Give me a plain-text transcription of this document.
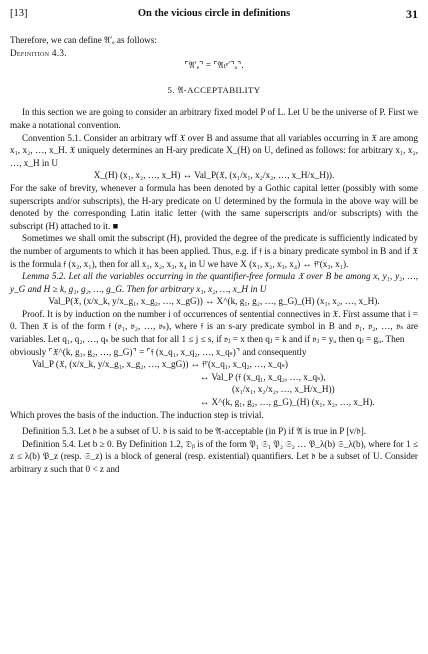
[13]	On the vicious circle in definitions	31

Therefore, we can define 𝔄′ₑ as follows:

Definition 4.3.

⌜𝔄′ₑ⌝ = ⌜𝔄ₜᵉ′⌝ₐ⌝.

5. 𝔄-ACCEPTABILITY

In this section we are going to consider an arbitrary fixed model P of L. Let U be the universe of P. First we make a notational convention.

Convention 5.1. Consider an arbitrary wff 𝔛 over B and assume that all variables occurring in 𝔛 are among x₁, x₂, …, x_H. 𝔛 uniquely determines an H-ary predicate X_(H) on U, defined as follows: for arbitrary x₁, x₂, …, x_H in U

X_(H) (x₁, x₂, …, x_H) ↔ Val_P(𝔛, (x₁/x₁, x₂/x₂, …, x_H/x_H)).

For the sake of brevity, whenever a formula has been denoted by a Gothic capital letter (possibly with some superscripts and/or subscripts), the H-ary predicate on U determined by the formula in the above way will be denoted by the corresponding Latin italic letter (with the same superscripts and/or subscripts) with the subscript (H) attached to it. ■

Sometimes we shall omit the subscript (H), provided the degree of the predicate is sufficiently indicated by the number of arguments to which it has been applied. Thus, e.g. if 𝔣 is a binary predicate symbol in B and if 𝔛 is the formula 𝔣 (x₃, x₁), then for all x₁, x₂, x₃, x₄ in U we have X (x₁, x₂, x₃, x₄) ↔ 𝔣ᴾ(x₃, x₁).

Lemma 5.2. Let all the variables occurring in the quantifier-free formula 𝔛 over B be among x, y₁, y₂, …, y_G and H ≥ k, g₁, g₂, …, g_G. Then for arbitrary x₁, x₂, …, x_H in U

Val_P(𝔛, (x/x_k, y/x_g₁, x_g₂, …, x_gG)) ↔ X^(k, g₁, g₂, …, g_G)_(H) (x₁, x₂, …, x_H).

Proof. It is by induction on the number i of occurrences of sentential connectives in 𝔛. First assume that i = 0. Then 𝔛 is of the form 𝔣 (𝔳₁, 𝔳₂, …, 𝔳ₛ), where 𝔣 is an s-ary predicate symbol in B and 𝔳₁, 𝔳₂, …, 𝔳ₛ are variables. Let q₁, q₂, …, qₛ be such that for all 1 ≤ j ≤ s, if 𝔳ⱼ = x then qⱼ = k and if 𝔳ⱼ = yᵤ then qⱼ = gᵤ. Then

obviously ⌜𝔛^(k, g₁, g₂, …, g_G)⌝ = ⌜𝔣 (x_q₁, x_q₂, …, x_qₛ)⌝ and consequently

Val_P (𝔛, (x/x_k, y/x_g₁, x_g₂, …, x_gG)) ↔ 𝔣ᴾ(x_q₁, x_q₂, …, x_qₛ)

↔ Val_P (𝔣 (x_q₁, x_q₂, …, x_qₛ),

(x₁/x₁, x₂/x₂, …, x_H/x_H))

↔ X^(k, g₁, g₂, …, g_G)_(H) (x₁, x₂, …, x_H).

Which proves the basis of the induction. The induction step is trivial.

Definition 5.3. Let 𝔡 be a subset of U. 𝔡 is said to be 𝔄-acceptable (in P) if 𝔄 is true in P [v/𝔡].

Definition 5.4. Let b ≥ 0. By Definition 1.2, 𝔇ᵦ is of the form 𝔓₁ 𝔖₁ 𝔓₂ 𝔖₂ … 𝔓_λ(b) 𝔖_λ(b), where for 1 ≤ z ≤ λ(b) 𝔓_z (resp. 𝔖_z) is a block of general (resp. existential) quantifiers. Let 𝔡 be a subset of U. Consider arbitrary z such that 0 < z and
